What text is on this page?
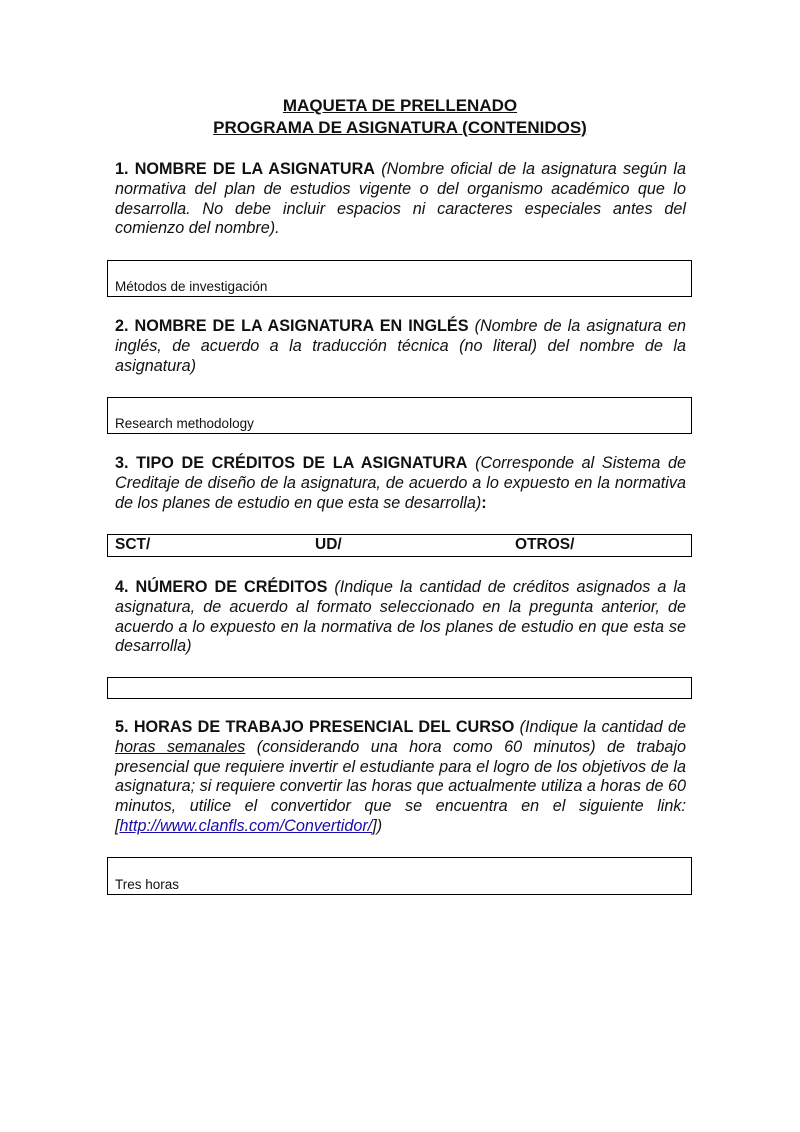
MAQUETA DE PRELLENADO

PROGRAMA DE ASIGNATURA (CONTENIDOS)

1. NOMBRE DE LA ASIGNATURA (Nombre oficial de la asignatura según la normativa del plan de estudios vigente o del organismo académico que lo desarrolla. No debe incluir espacios ni caracteres especiales antes del comienzo del nombre).

Métodos de investigación

2. NOMBRE DE LA ASIGNATURA EN INGLÉS (Nombre de la asignatura en inglés, de acuerdo a la traducción técnica (no literal) del nombre de la asignatura)

Research methodology

3. TIPO DE CRÉDITOS DE LA ASIGNATURA (Corresponde al Sistema de Creditaje de diseño de la asignatura, de acuerdo a lo expuesto en la normativa de los planes de estudio en que esta se desarrolla):

SCT/	UD/	OTROS/

4. NÚMERO DE CRÉDITOS (Indique la cantidad de créditos asignados a la asignatura, de acuerdo al formato seleccionado en la pregunta anterior, de acuerdo a lo expuesto en la normativa de los planes de estudio en que esta se desarrolla)

5. HORAS DE TRABAJO PRESENCIAL DEL CURSO (Indique la cantidad de horas semanales (considerando una hora como 60 minutos) de trabajo presencial que requiere invertir el estudiante para el logro de los objetivos de la asignatura; si requiere convertir las horas que actualmente utiliza a horas de 60 minutos, utilice el convertidor que se encuentra en el siguiente link: [http://www.clanfls.com/Convertidor/])

Tres horas
